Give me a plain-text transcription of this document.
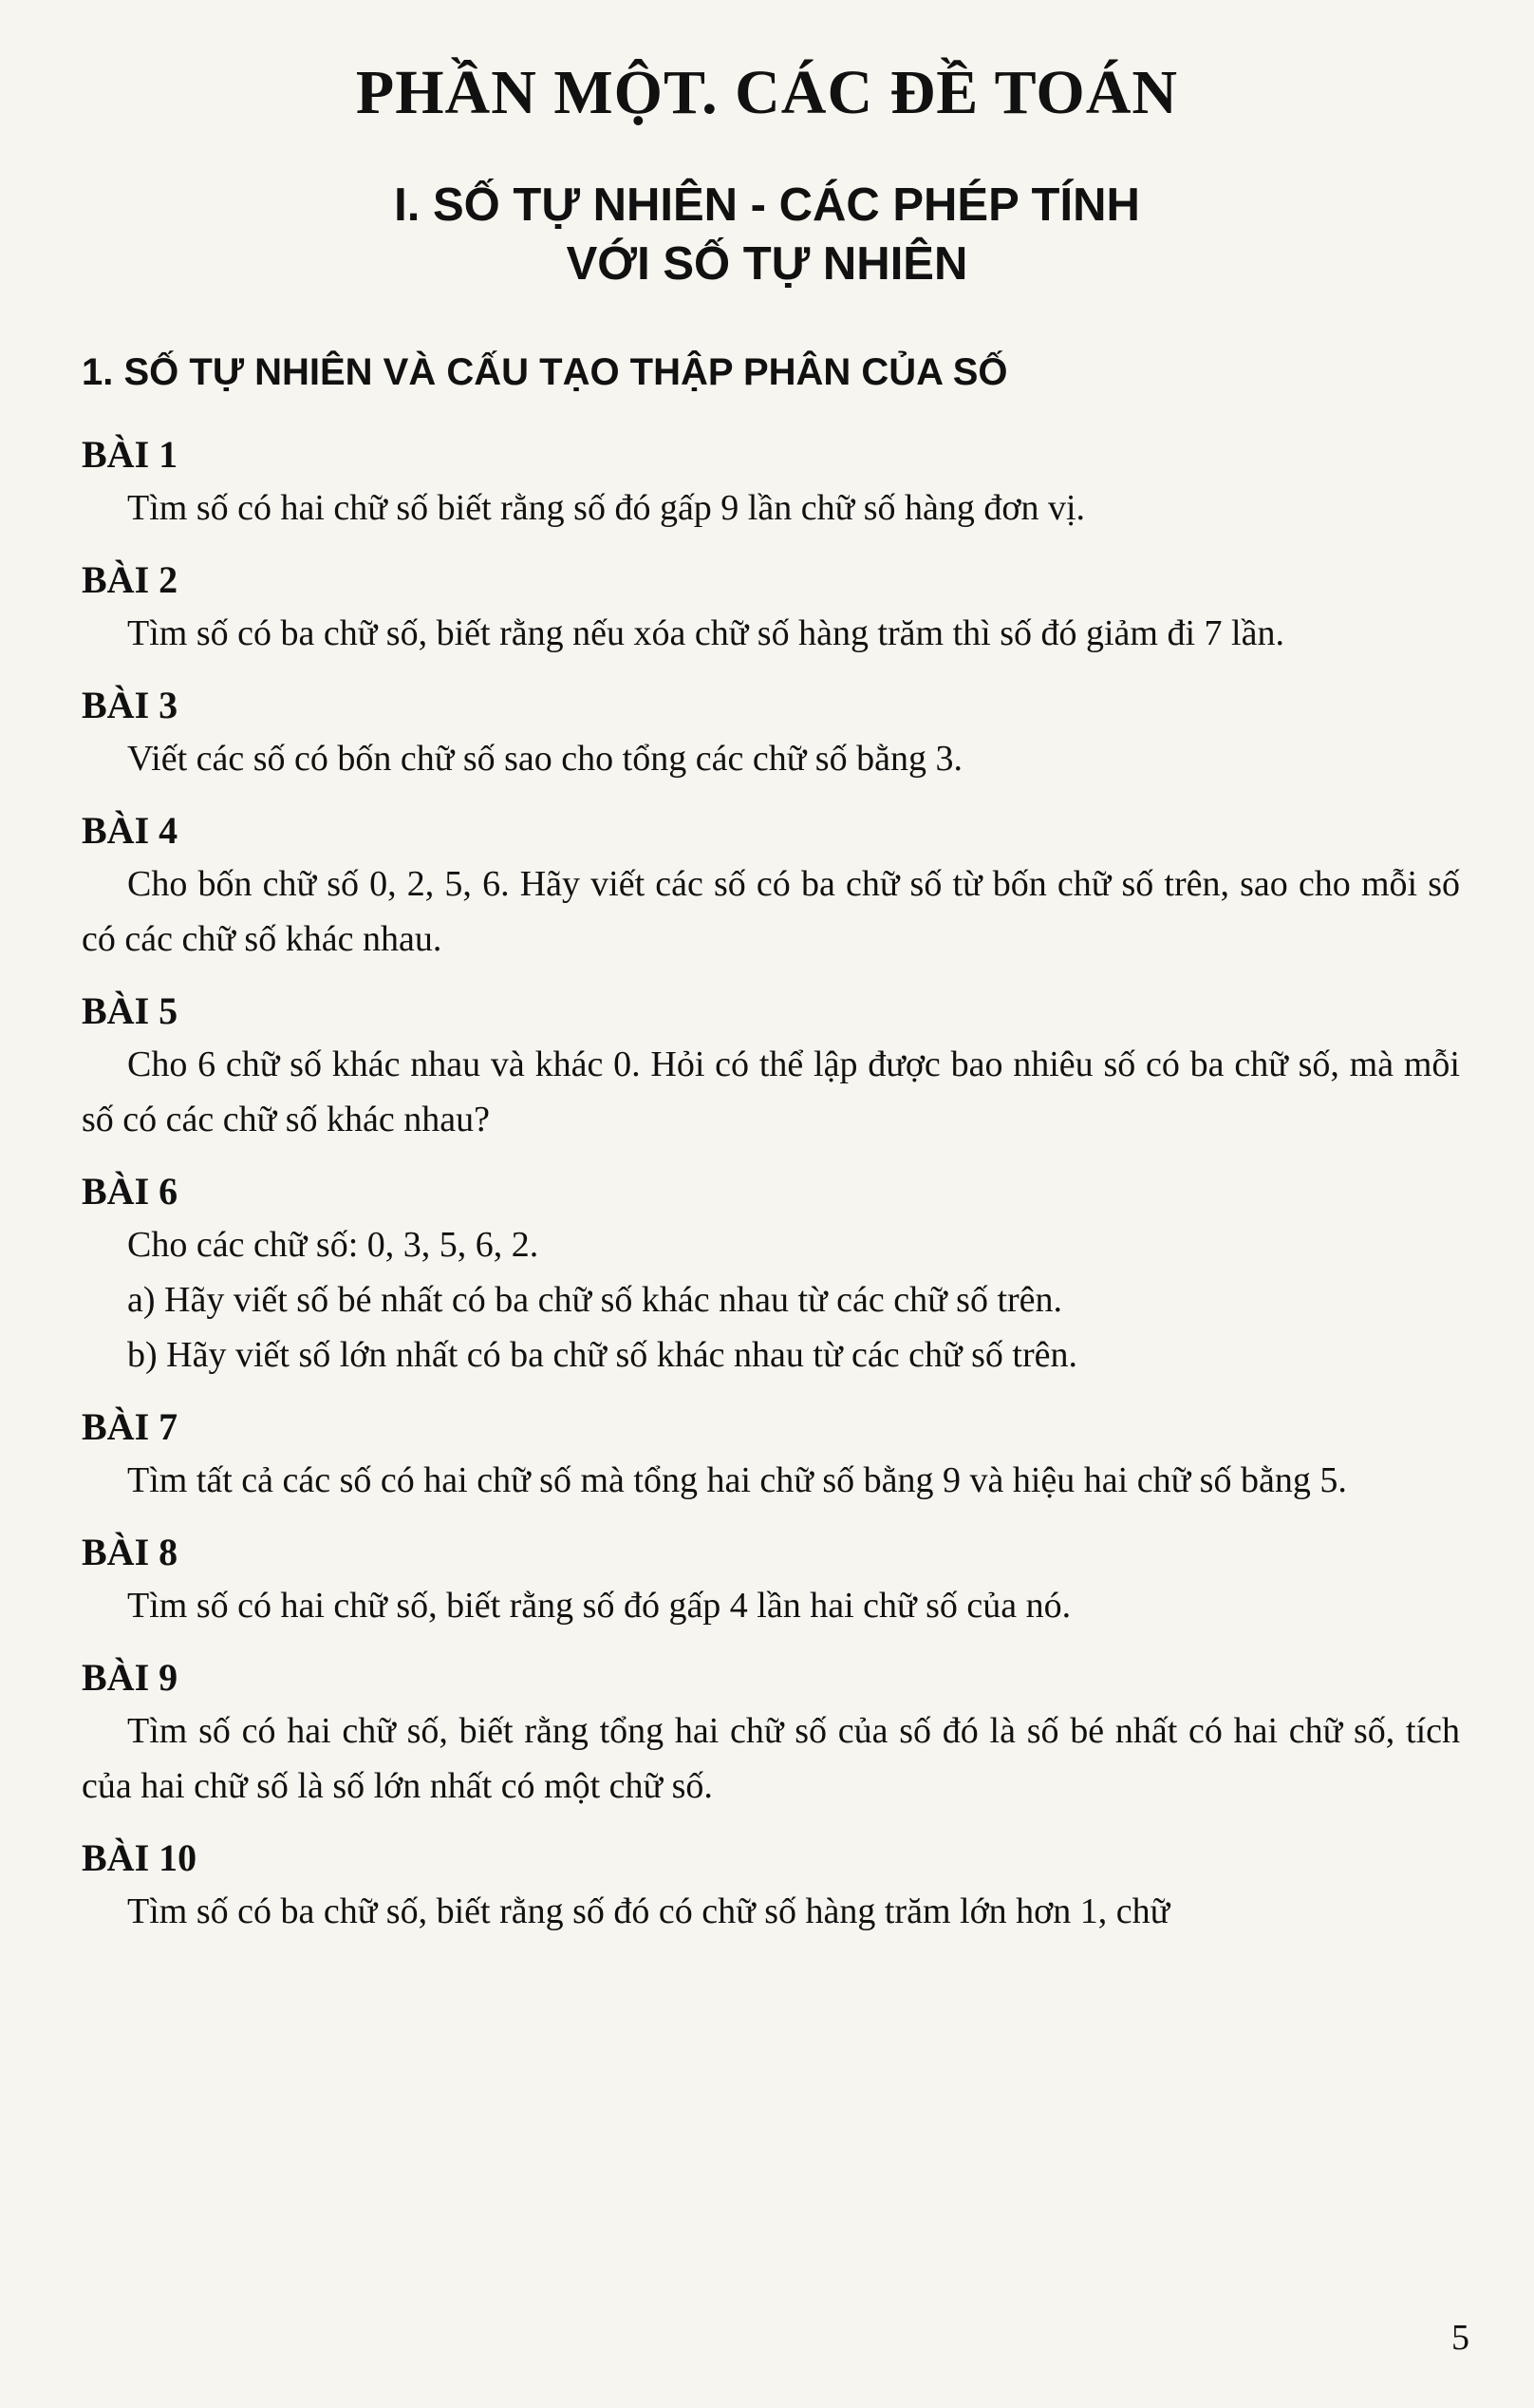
PHẦN MỘT. CÁC ĐỀ TOÁN
I. SỐ TỰ NHIÊN - CÁC PHÉP TÍNH
VỚI SỐ TỰ NHIÊN
1. SỐ TỰ NHIÊN VÀ CẤU TẠO THẬP PHÂN CỦA SỐ
BÀI 1

Tìm số có hai chữ số biết rằng số đó gấp 9 lần chữ số hàng đơn vị.

BÀI 2

Tìm số có ba chữ số, biết rằng nếu xóa chữ số hàng trăm thì số đó giảm đi 7 lần.

BÀI 3

Viết các số có bốn chữ số sao cho tổng các chữ số bằng 3.

BÀI 4

Cho bốn chữ số 0, 2, 5, 6. Hãy viết các số có ba chữ số từ bốn chữ số trên, sao cho mỗi số có các chữ số khác nhau.

BÀI 5

Cho 6 chữ số khác nhau và khác 0. Hỏi có thể lập được bao nhiêu số có ba chữ số, mà mỗi số có các chữ số khác nhau?

BÀI 6
Cho các chữ số: 0, 3, 5, 6, 2.
a) Hãy viết số bé nhất có ba chữ số khác nhau từ các chữ số trên.
b) Hãy viết số lớn nhất có ba chữ số khác nhau từ các chữ số trên.
BÀI 7

Tìm tất cả các số có hai chữ số mà tổng hai chữ số bằng 9 và hiệu hai chữ số bằng 5.

BÀI 8

Tìm số có hai chữ số, biết rằng số đó gấp 4 lần hai chữ số của nó.

BÀI 9

Tìm số có hai chữ số, biết rằng tổng hai chữ số của số đó là số bé nhất có hai chữ số, tích của hai chữ số là số lớn nhất có một chữ số.

BÀI 10

Tìm số có ba chữ số, biết rằng số đó có chữ số hàng trăm lớn hơn 1, chữ

5
